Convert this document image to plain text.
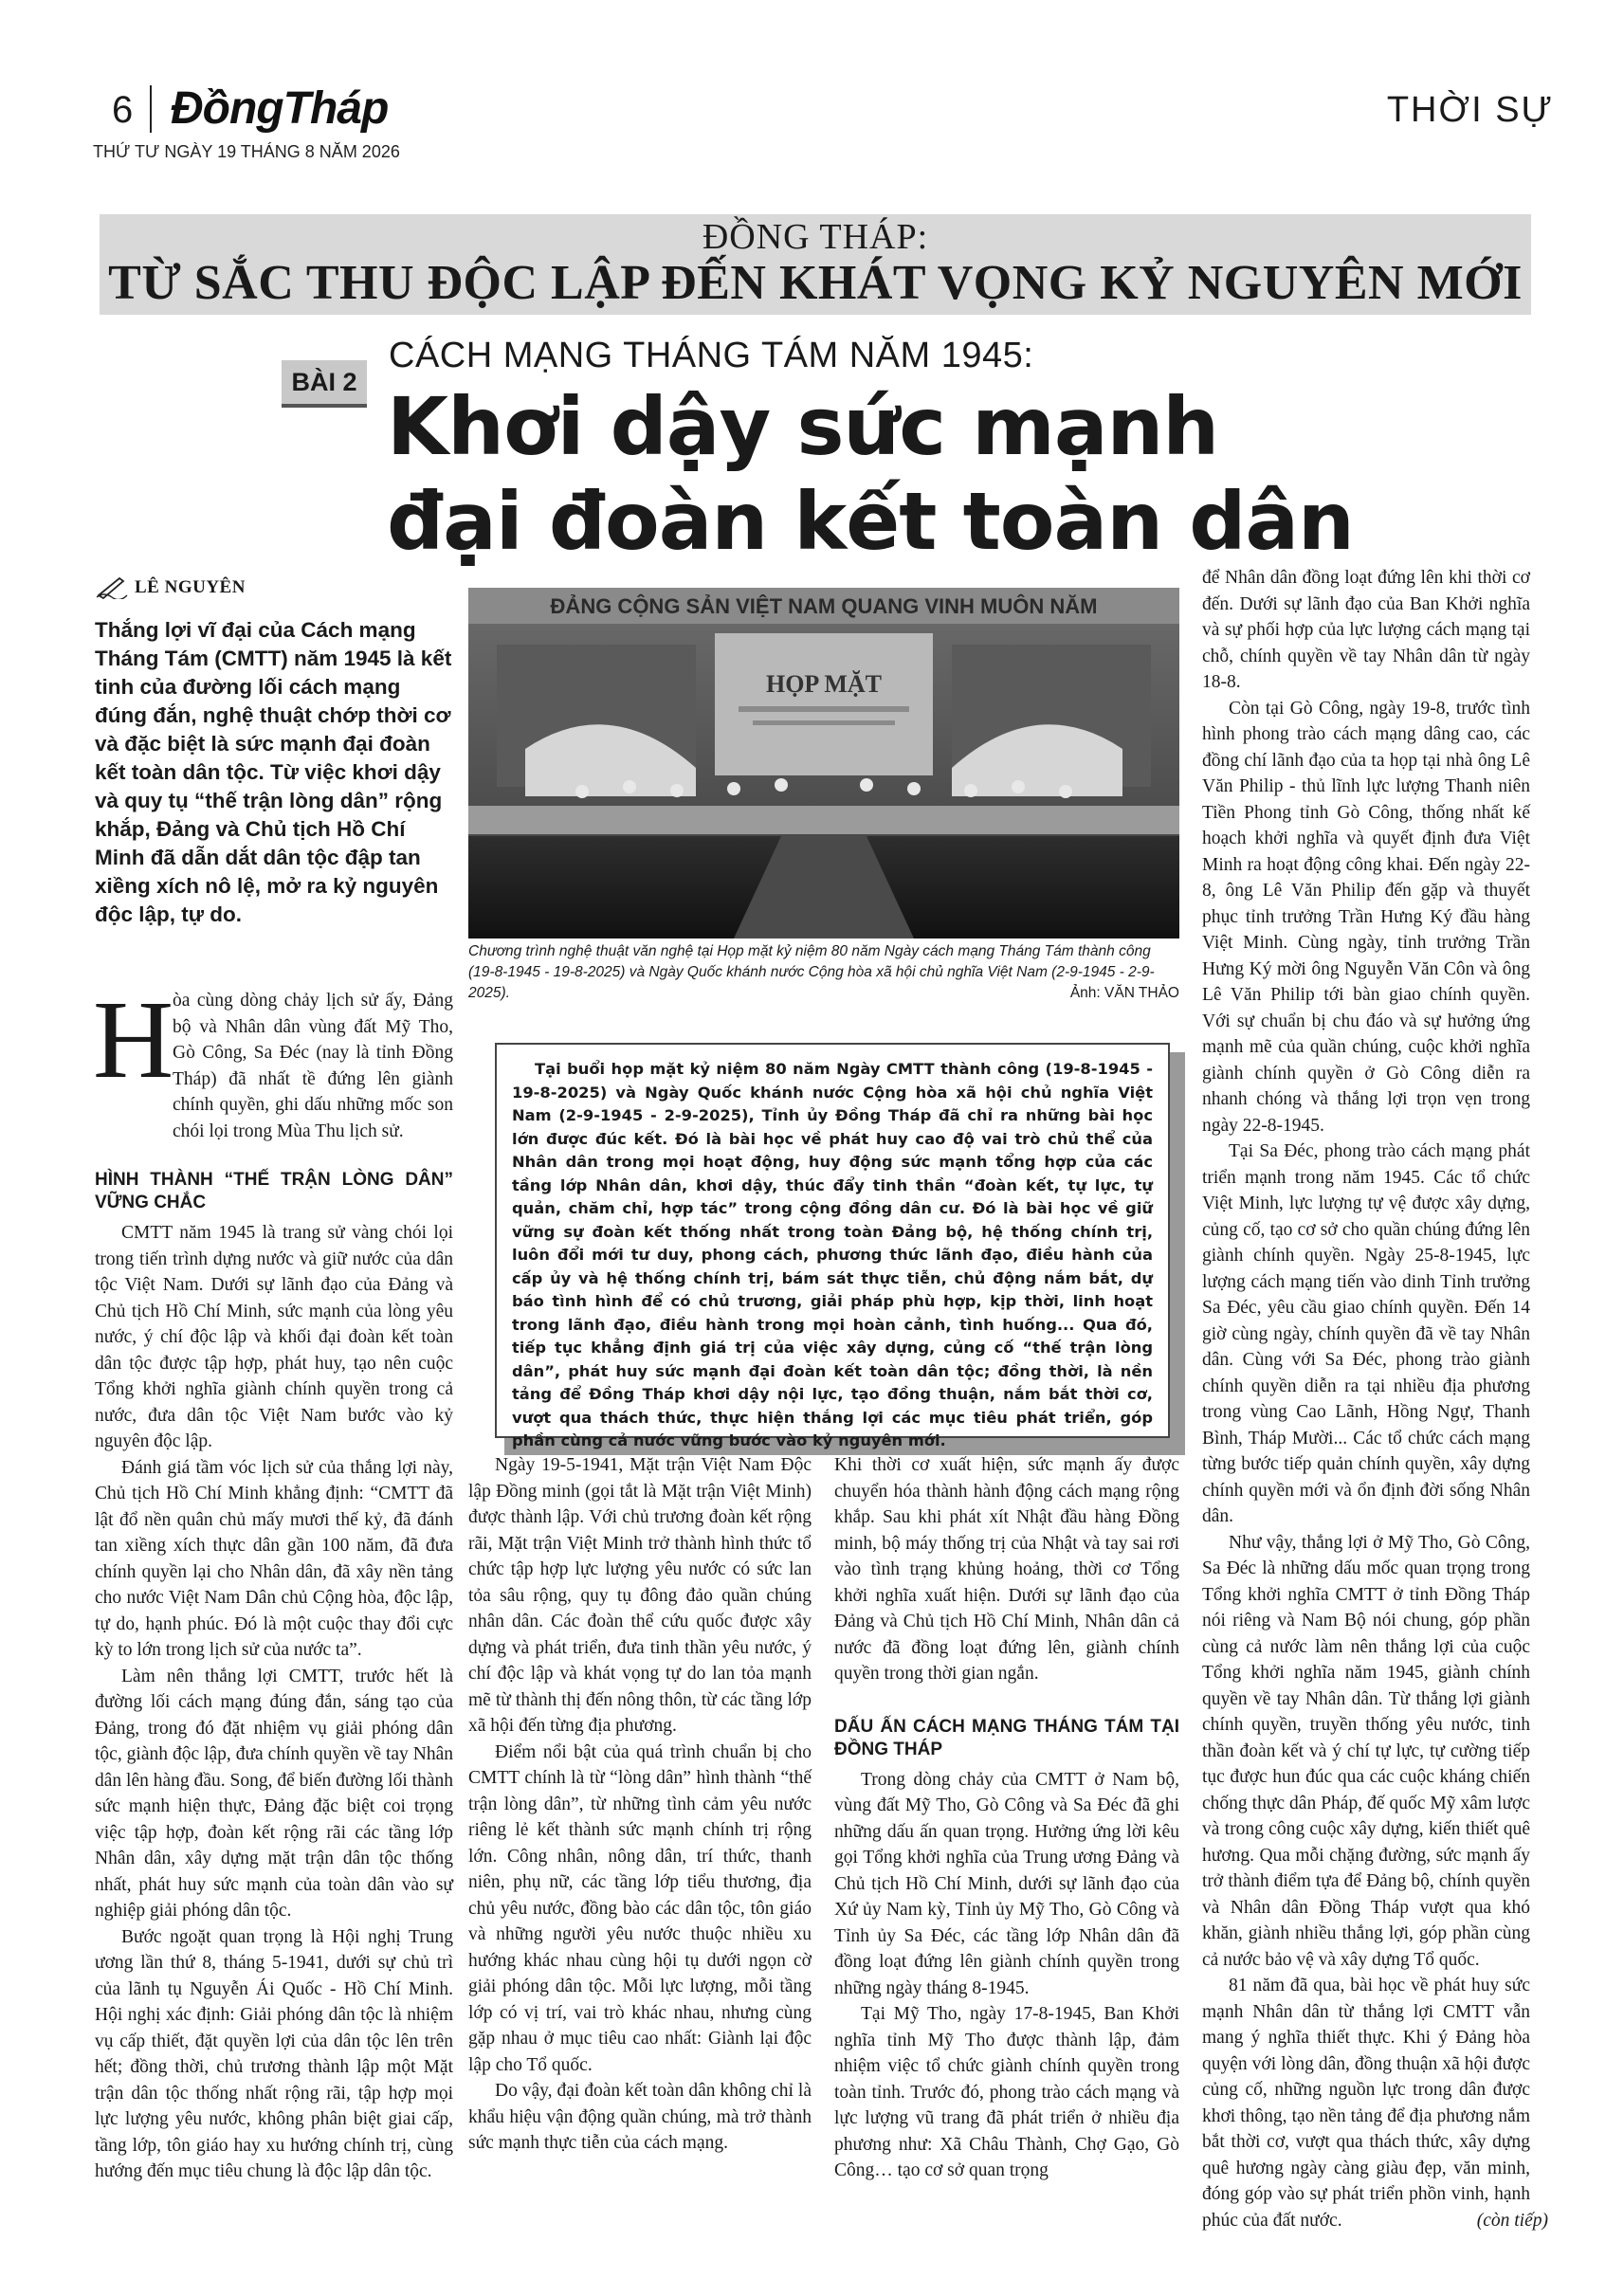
6 ĐồngTháp	THỜI SỰ
THỨ TƯ NGÀY 19 THÁNG 8 NĂM 2026
ĐỒNG THÁP:
TỪ SẮC THU ĐỘC LẬP ĐẾN KHÁT VỌNG KỶ NGUYÊN MỚI
BÀI 2
CÁCH MẠNG THÁNG TÁM NĂM 1945:
Khơi dậy sức mạnh
đại đoàn kết toàn dân
LÊ NGUYÊN
Thắng lợi vĩ đại của Cách mạng Tháng Tám (CMTT) năm 1945 là kết tinh của đường lối cách mạng đúng đắn, nghệ thuật chớp thời cơ và đặc biệt là sức mạnh đại đoàn kết toàn dân tộc. Từ việc khơi dậy và quy tụ “thế trận lòng dân” rộng khắp, Đảng và Chủ tịch Hồ Chí Minh đã dẫn dắt dân tộc đập tan xiềng xích nô lệ, mở ra kỷ nguyên độc lập, tự do.
ĐẢNG CỘNG SẢN VIỆT NAM QUANG VINH MUÔN NĂM
HỌP MẶT
Chương trình nghệ thuật văn nghệ tại Họp mặt kỷ niệm 80 năm Ngày cách mạng Tháng Tám thành công (19-8-1945 - 19-8-2025) và Ngày Quốc khánh nước Cộng hòa xã hội chủ nghĩa Việt Nam (2-9-1945 - 2-9-2025).	Ảnh: VĂN THẢO

Tại buổi họp mặt kỷ niệm 80 năm Ngày CMTT thành công (19-8-1945 - 19-8-2025) và Ngày Quốc khánh nước Cộng hòa xã hội chủ nghĩa Việt Nam (2-9-1945 - 2-9-2025), Tỉnh ủy Đồng Tháp đã chỉ ra những bài học lớn được đúc kết. Đó là bài học về phát huy cao độ vai trò chủ thể của Nhân dân trong mọi hoạt động, huy động sức mạnh tổng hợp của các tầng lớp Nhân dân, khơi dậy, thúc đẩy tinh thần “đoàn kết, tự lực, tự quản, chăm chỉ, hợp tác” trong cộng đồng dân cư. Đó là bài học về giữ vững sự đoàn kết thống nhất trong toàn Đảng bộ, hệ thống chính trị, luôn đổi mới tư duy, phong cách, phương thức lãnh đạo, điều hành của cấp ủy và hệ thống chính trị, bám sát thực tiễn, chủ động nắm bắt, dự báo tình hình để có chủ trương, giải pháp phù hợp, kịp thời, linh hoạt trong lãnh đạo, điều hành trong mọi hoàn cảnh, tình huống... Qua đó, tiếp tục khẳng định giá trị của việc xây dựng, củng cố “thế trận lòng dân”, phát huy sức mạnh đại đoàn kết toàn dân tộc; đồng thời, là nền tảng để Đồng Tháp khơi dậy nội lực, tạo đồng thuận, nắm bắt thời cơ, vượt qua thách thức, thực hiện thắng lợi các mục tiêu phát triển, góp phần cùng cả nước vững bước vào kỷ nguyên mới.

H

òa cùng dòng chảy lịch sử ấy, Đảng bộ và Nhân dân vùng đất Mỹ Tho, Gò Công, Sa Đéc (nay là tỉnh Đồng Tháp) đã nhất tề đứng lên giành chính quyền, ghi dấu những mốc son chói lọi trong Mùa Thu lịch sử.

HÌNH THÀNH “THẾ TRẬN LÒNG DÂN” VỮNG CHẮC

CMTT năm 1945 là trang sử vàng chói lọi trong tiến trình dựng nước và giữ nước của dân tộc Việt Nam. Dưới sự lãnh đạo của Đảng và Chủ tịch Hồ Chí Minh, sức mạnh của lòng yêu nước, ý chí độc lập và khối đại đoàn kết toàn dân tộc được tập hợp, phát huy, tạo nên cuộc Tổng khởi nghĩa giành chính quyền trong cả nước, đưa dân tộc Việt Nam bước vào kỷ nguyên độc lập.

Đánh giá tầm vóc lịch sử của thắng lợi này, Chủ tịch Hồ Chí Minh khẳng định: “CMTT đã lật đổ nền quân chủ mấy mươi thế kỷ, đã đánh tan xiềng xích thực dân gần 100 năm, đã đưa chính quyền lại cho Nhân dân, đã xây nền tảng cho nước Việt Nam Dân chủ Cộng hòa, độc lập, tự do, hạnh phúc. Đó là một cuộc thay đổi cực kỳ to lớn trong lịch sử của nước ta”.

Làm nên thắng lợi CMTT, trước hết là đường lối cách mạng đúng đắn, sáng tạo của Đảng, trong đó đặt nhiệm vụ giải phóng dân tộc, giành độc lập, đưa chính quyền về tay Nhân dân lên hàng đầu. Song, để biến đường lối thành sức mạnh hiện thực, Đảng đặc biệt coi trọng việc tập hợp, đoàn kết rộng rãi các tầng lớp Nhân dân, xây dựng mặt trận dân tộc thống nhất, phát huy sức mạnh của toàn dân vào sự nghiệp giải phóng dân tộc.

Bước ngoặt quan trọng là Hội nghị Trung ương lần thứ 8, tháng 5-1941, dưới sự chủ trì của lãnh tụ Nguyễn Ái Quốc - Hồ Chí Minh. Hội nghị xác định: Giải phóng dân tộc là nhiệm vụ cấp thiết, đặt quyền lợi của dân tộc lên trên hết; đồng thời, chủ trương thành lập một Mặt trận dân tộc thống nhất rộng rãi, tập hợp mọi lực lượng yêu nước, không phân biệt giai cấp, tầng lớp, tôn giáo hay xu hướng chính trị, cùng hướng đến mục tiêu chung là độc lập dân tộc.

Ngày 19-5-1941, Mặt trận Việt Nam Độc lập Đồng minh (gọi tắt là Mặt trận Việt Minh) được thành lập. Với chủ trương đoàn kết rộng rãi, Mặt trận Việt Minh trở thành hình thức tổ chức tập hợp lực lượng yêu nước có sức lan tỏa sâu rộng, quy tụ đông đảo quần chúng nhân dân. Các đoàn thể cứu quốc được xây dựng và phát triển, đưa tinh thần yêu nước, ý chí độc lập và khát vọng tự do lan tỏa mạnh mẽ từ thành thị đến nông thôn, từ các tầng lớp xã hội đến từng địa phương.

Điểm nổi bật của quá trình chuẩn bị cho CMTT chính là từ “lòng dân” hình thành “thế trận lòng dân”, từ những tình cảm yêu nước riêng lẻ kết thành sức mạnh chính trị rộng lớn. Công nhân, nông dân, trí thức, thanh niên, phụ nữ, các tầng lớp tiểu thương, địa chủ yêu nước, đồng bào các dân tộc, tôn giáo và những người yêu nước thuộc nhiều xu hướng khác nhau cùng hội tụ dưới ngọn cờ giải phóng dân tộc. Mỗi lực lượng, mỗi tầng lớp có vị trí, vai trò khác nhau, nhưng cùng gặp nhau ở mục tiêu cao nhất: Giành lại độc lập cho Tổ quốc.

Do vậy, đại đoàn kết toàn dân không chỉ là khẩu hiệu vận động quần chúng, mà trở thành sức mạnh thực tiễn của cách mạng.

Khi thời cơ xuất hiện, sức mạnh ấy được chuyển hóa thành hành động cách mạng rộng khắp. Sau khi phát xít Nhật đầu hàng Đồng minh, bộ máy thống trị của Nhật và tay sai rơi vào tình trạng khủng hoảng, thời cơ Tổng khởi nghĩa xuất hiện. Dưới sự lãnh đạo của Đảng và Chủ tịch Hồ Chí Minh, Nhân dân cả nước đã đồng loạt đứng lên, giành chính quyền trong thời gian ngắn.

DẤU ẤN CÁCH MẠNG THÁNG TÁM TẠI ĐỒNG THÁP

Trong dòng chảy của CMTT ở Nam bộ, vùng đất Mỹ Tho, Gò Công và Sa Đéc đã ghi những dấu ấn quan trọng. Hưởng ứng lời kêu gọi Tổng khởi nghĩa của Trung ương Đảng và Chủ tịch Hồ Chí Minh, dưới sự lãnh đạo của Xứ ủy Nam kỳ, Tỉnh ủy Mỹ Tho, Gò Công và Tỉnh ủy Sa Đéc, các tầng lớp Nhân dân đã đồng loạt đứng lên giành chính quyền trong những ngày tháng 8-1945.

Tại Mỹ Tho, ngày 17-8-1945, Ban Khởi nghĩa tỉnh Mỹ Tho được thành lập, đảm nhiệm việc tổ chức giành chính quyền trong toàn tỉnh. Trước đó, phong trào cách mạng và lực lượng vũ trang đã phát triển ở nhiều địa phương như: Xã Châu Thành, Chợ Gạo, Gò Công… tạo cơ sở quan trọng

để Nhân dân đồng loạt đứng lên khi thời cơ đến. Dưới sự lãnh đạo của Ban Khởi nghĩa và sự phối hợp của lực lượng cách mạng tại chỗ, chính quyền về tay Nhân dân từ ngày 18-8.

Còn tại Gò Công, ngày 19-8, trước tình hình phong trào cách mạng dâng cao, các đồng chí lãnh đạo của ta họp tại nhà ông Lê Văn Philip - thủ lĩnh lực lượng Thanh niên Tiền Phong tỉnh Gò Công, thống nhất kế hoạch khởi nghĩa và quyết định đưa Việt Minh ra hoạt động công khai. Đến ngày 22-8, ông Lê Văn Philip đến gặp và thuyết phục tỉnh trưởng Trần Hưng Ký đầu hàng Việt Minh. Cùng ngày, tỉnh trưởng Trần Hưng Ký mời ông Nguyễn Văn Côn và ông Lê Văn Philip tới bàn giao chính quyền. Với sự chuẩn bị chu đáo và sự hưởng ứng mạnh mẽ của quần chúng, cuộc khởi nghĩa giành chính quyền ở Gò Công diễn ra nhanh chóng và thắng lợi trọn vẹn trong ngày 22-8-1945.

Tại Sa Đéc, phong trào cách mạng phát triển mạnh trong năm 1945. Các tổ chức Việt Minh, lực lượng tự vệ được xây dựng, củng cố, tạo cơ sở cho quần chúng đứng lên giành chính quyền. Ngày 25-8-1945, lực lượng cách mạng tiến vào dinh Tỉnh trưởng Sa Đéc, yêu cầu giao chính quyền. Đến 14 giờ cùng ngày, chính quyền đã về tay Nhân dân. Cùng với Sa Đéc, phong trào giành chính quyền diễn ra tại nhiều địa phương trong vùng Cao Lãnh, Hồng Ngự, Thanh Bình, Tháp Mười... Các tổ chức cách mạng từng bước tiếp quản chính quyền, xây dựng chính quyền mới và ổn định đời sống Nhân dân.

Như vậy, thắng lợi ở Mỹ Tho, Gò Công, Sa Đéc là những dấu mốc quan trọng trong Tổng khởi nghĩa CMTT ở tỉnh Đồng Tháp nói riêng và Nam Bộ nói chung, góp phần cùng cả nước làm nên thắng lợi của cuộc Tổng khởi nghĩa năm 1945, giành chính quyền về tay Nhân dân. Từ thắng lợi giành chính quyền, truyền thống yêu nước, tinh thần đoàn kết và ý chí tự lực, tự cường tiếp tục được hun đúc qua các cuộc kháng chiến chống thực dân Pháp, đế quốc Mỹ xâm lược và trong công cuộc xây dựng, kiến thiết quê hương. Qua mỗi chặng đường, sức mạnh ấy trở thành điểm tựa để Đảng bộ, chính quyền và Nhân dân Đồng Tháp vượt qua khó khăn, giành nhiều thắng lợi, góp phần cùng cả nước bảo vệ và xây dựng Tổ quốc.

81 năm đã qua, bài học về phát huy sức mạnh Nhân dân từ thắng lợi CMTT vẫn mang ý nghĩa thiết thực. Khi ý Đảng hòa quyện với lòng dân, đồng thuận xã hội được củng cố, những nguồn lực trong dân được khơi thông, tạo nền tảng để địa phương nắm bắt thời cơ, vượt qua thách thức, xây dựng quê hương ngày càng giàu đẹp, văn minh, đóng góp vào sự phát triển phồn vinh, hạnh phúc của đất nước.	(còn tiếp)
